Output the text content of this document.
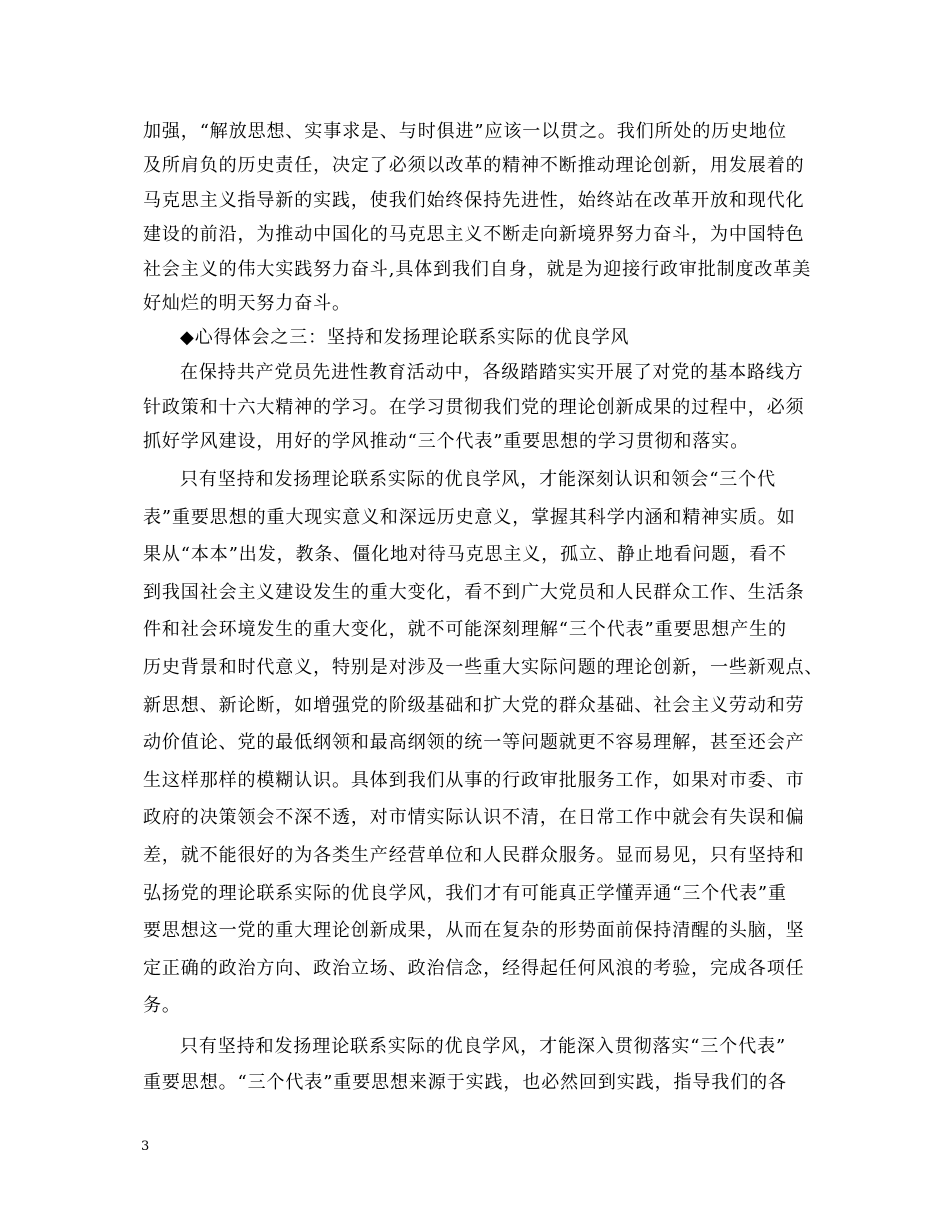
加强，“解放思想、实事求是、与时俱进”应该一以贯之。我们所处的历史地位
及所肩负的历史责任，决定了必须以改革的精神不断推动理论创新，用发展着的
马克思主义指导新的实践，使我们始终保持先进性，始终站在改革开放和现代化
建设的前沿，为推动中国化的马克思主义不断走向新境界努力奋斗，为中国特色
社会主义的伟大实践努力奋斗,具体到我们自身，就是为迎接行政审批制度改革美
好灿烂的明天努力奋斗。
◆心得体会之三：坚持和发扬理论联系实际的优良学风
在保持共产党员先进性教育活动中，各级踏踏实实开展了对党的基本路线方
针政策和十六大精神的学习。在学习贯彻我们党的理论创新成果的过程中，必须
抓好学风建设，用好的学风推动“三个代表”重要思想的学习贯彻和落实。
只有坚持和发扬理论联系实际的优良学风，才能深刻认识和领会“三个代
表”重要思想的重大现实意义和深远历史意义，掌握其科学内涵和精神实质。如
果从“本本”出发，教条、僵化地对待马克思主义，孤立、静止地看问题，看不
到我国社会主义建设发生的重大变化，看不到广大党员和人民群众工作、生活条
件和社会环境发生的重大变化，就不可能深刻理解“三个代表”重要思想产生的
历史背景和时代意义，特别是对涉及一些重大实际问题的理论创新，一些新观点、
新思想、新论断，如增强党的阶级基础和扩大党的群众基础、社会主义劳动和劳
动价值论、党的最低纲领和最高纲领的统一等问题就更不容易理解，甚至还会产
生这样那样的模糊认识。具体到我们从事的行政审批服务工作，如果对市委、市
政府的决策领会不深不透，对市情实际认识不清，在日常工作中就会有失误和偏
差，就不能很好的为各类生产经营单位和人民群众服务。显而易见，只有坚持和
弘扬党的理论联系实际的优良学风，我们才有可能真正学懂弄通“三个代表”重
要思想这一党的重大理论创新成果，从而在复杂的形势面前保持清醒的头脑，坚
定正确的政治方向、政治立场、政治信念，经得起任何风浪的考验，完成各项任
务。
只有坚持和发扬理论联系实际的优良学风，才能深入贯彻落实“三个代表”
重要思想。“三个代表”重要思想来源于实践，也必然回到实践，指导我们的各
3
